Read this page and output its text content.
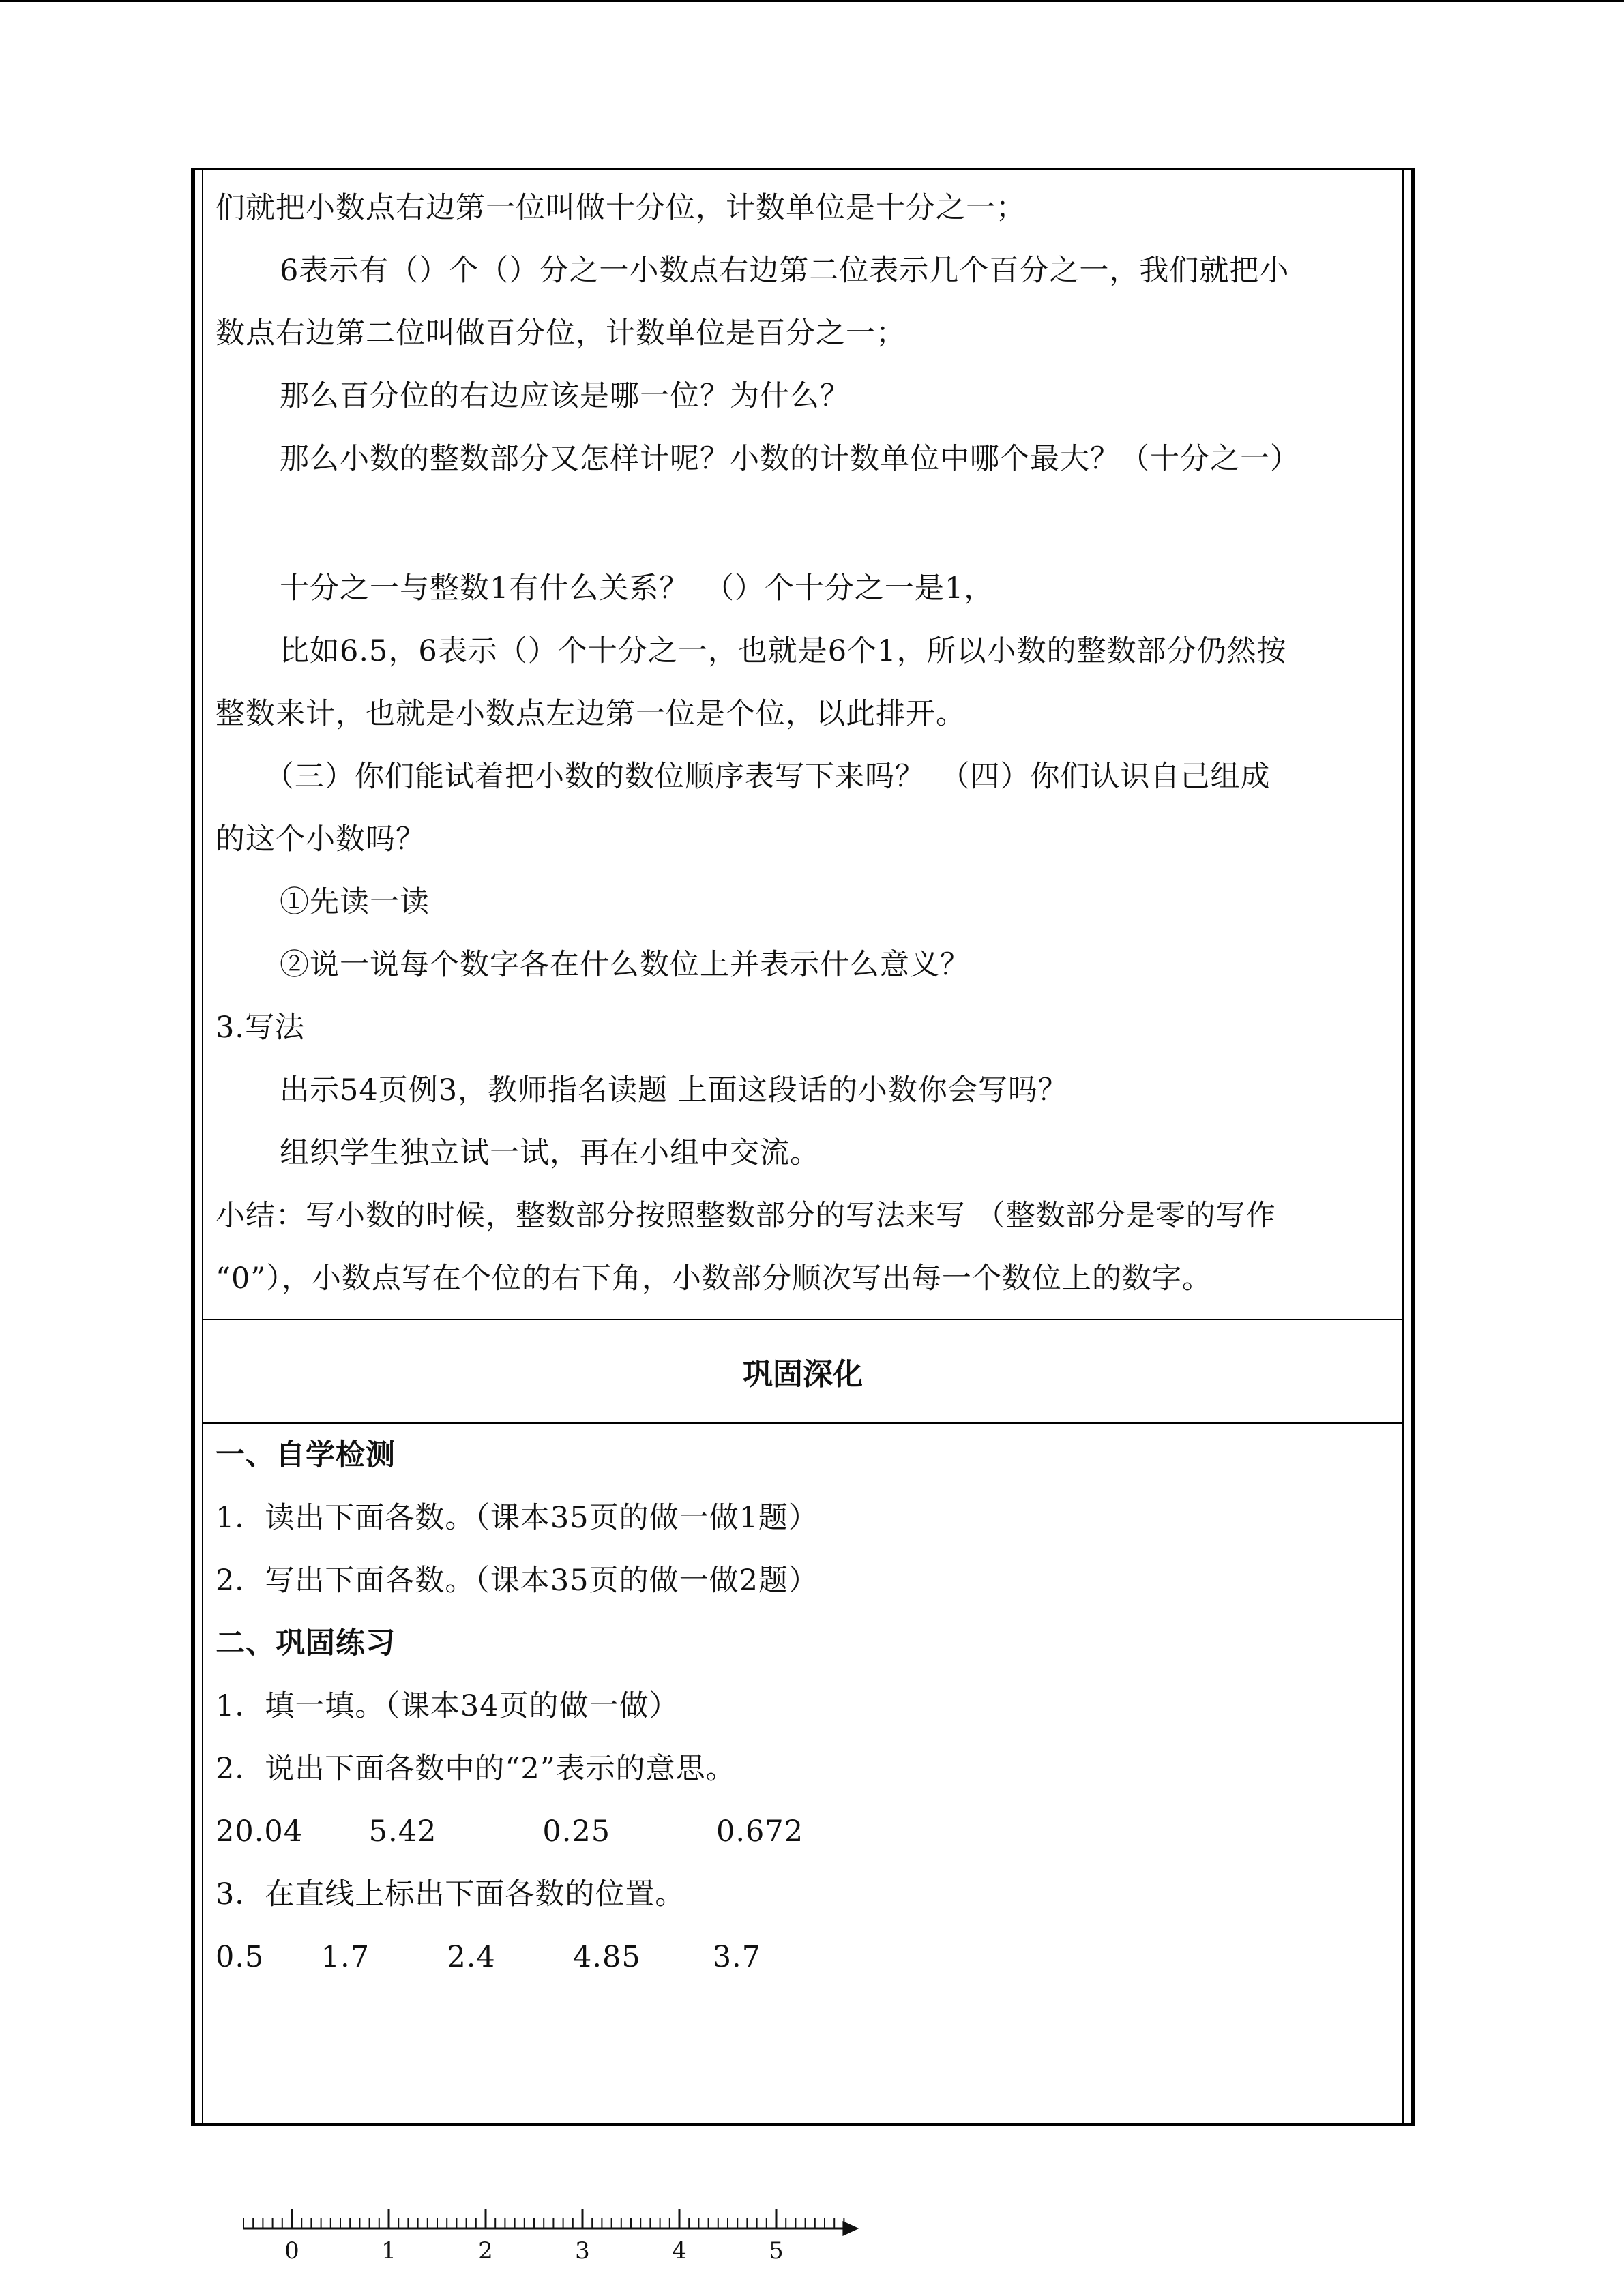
们就把小数点右边第一位叫做十分位，计数单位是十分之一；
6表示有（）个（）分之一小数点右边第二位表示几个百分之一，我们就把小
数点右边第二位叫做百分位，计数单位是百分之一；
那么百分位的右边应该是哪一位？为什么？
那么小数的整数部分又怎样计呢？小数的计数单位中哪个最大？（十分之一）
十分之一与整数1有什么关系？　（）个十分之一是1，
比如6.5，6表示（）个十分之一，也就是6个1，所以小数的整数部分仍然按
整数来计，也就是小数点左边第一位是个位，以此排开。
（三）你们能试着把小数的数位顺序表写下来吗？　（四）你们认识自己组成
的这个小数吗？
①先读一读
②说一说每个数字各在什么数位上并表示什么意义？
3.写法
出示54页例3，教师指名读题 上面这段话的小数你会写吗？
组织学生独立试一试，再在小组中交流。
小结：写小数的时候，整数部分按照整数部分的写法来写 （整数部分是零的写作
“0”），小数点写在个位的右下角，小数部分顺次写出每一个数位上的数字。
巩固深化
一、自学检测
1．读出下面各数。（课本35页的做一做1题）
2．写出下面各数。（课本35页的做一做2题）
二、巩固练习
1．填一填。（课本34页的做一做）
2．说出下面各数中的“2”表示的意思。
20.04 5.42	0.25	0.672
3．在直线上标出下面各数的位置。
0.5 1.7	2.4	4.85 3.7
0	1	2	3	4	5
